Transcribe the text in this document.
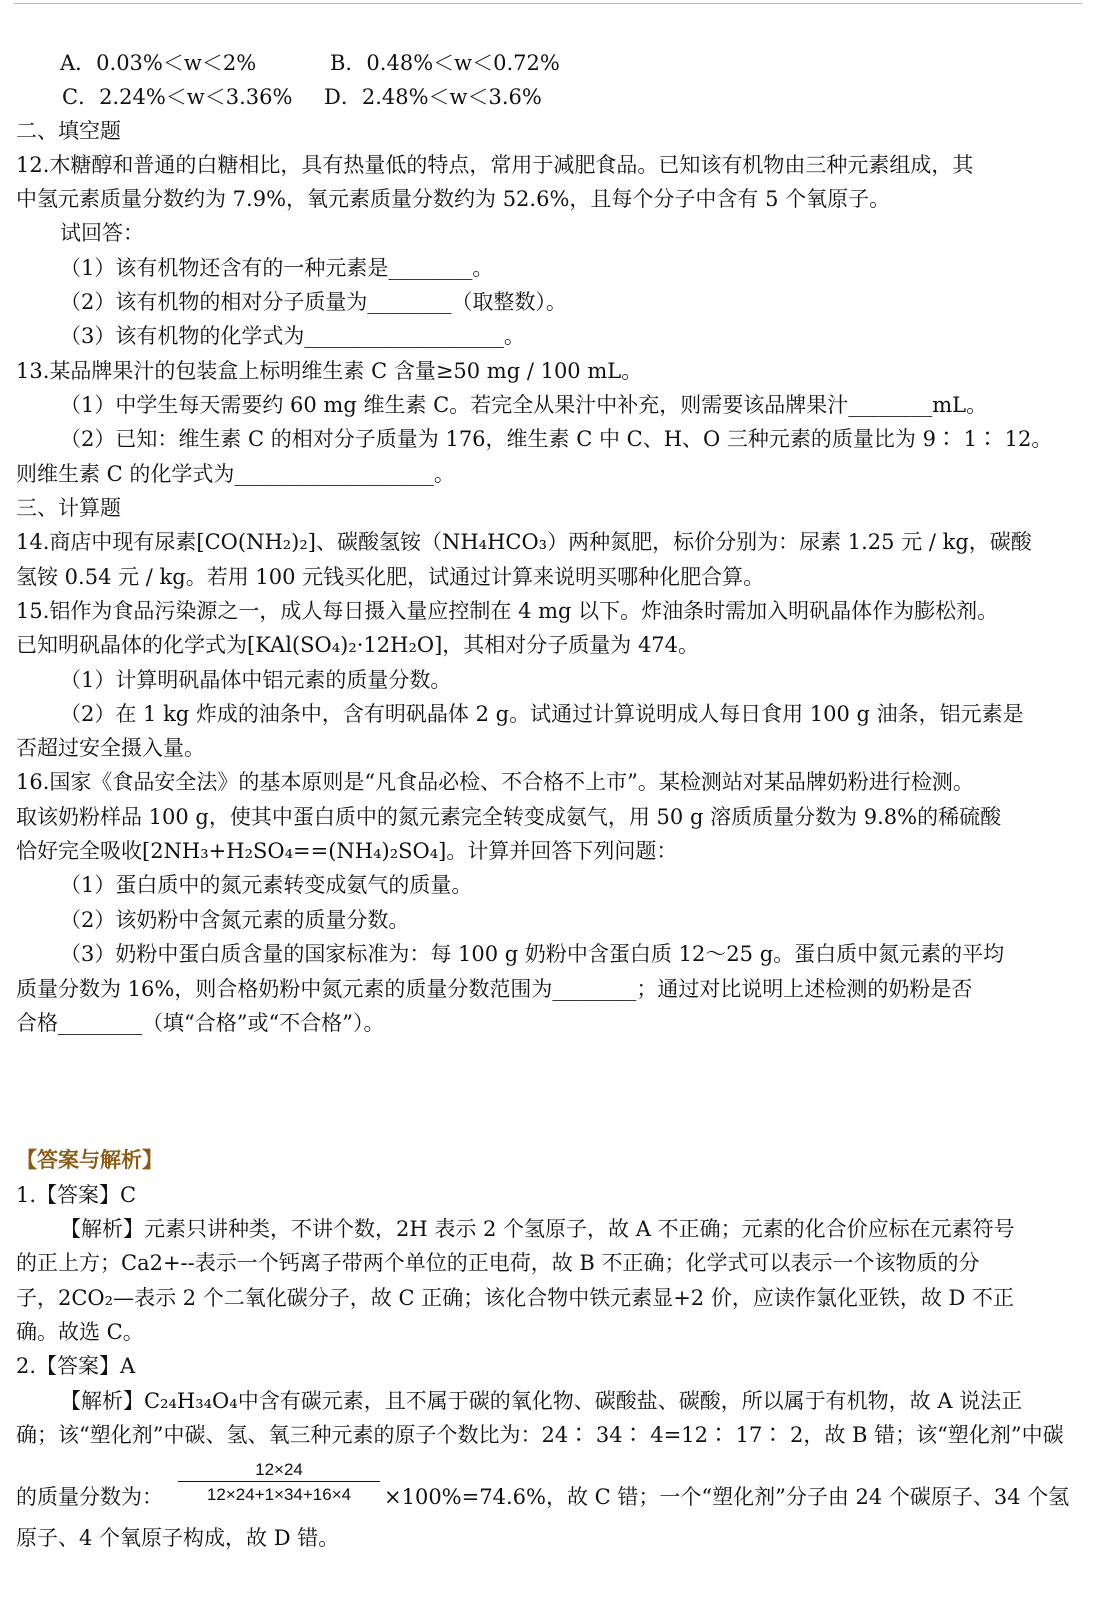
A．0.03%＜w＜2%	B．0.48%＜w＜0.72%
C．2.24%＜w＜3.36% D．2.48%＜w＜3.6%
二、填空题
12.木糖醇和普通的白糖相比，具有热量低的特点，常用于减肥食品。已知该有机物由三种元素组成，其
中氢元素质量分数约为 7.9%，氧元素质量分数约为 52.6%，且每个分子中含有 5 个氧原子。
试回答：
（1）该有机物还含有的一种元素是________。
（2）该有机物的相对分子质量为________（取整数）。
（3）该有机物的化学式为___________________。
13.某品牌果汁的包装盒上标明维生素 C 含量≥50 mg / 100 mL。
（1）中学生每天需要约 60 mg 维生素 C。若完全从果汁中补充，则需要该品牌果汁________mL。
（2）已知：维生素 C 的相对分子质量为 176，维生素 C 中 C、H、O 三种元素的质量比为 9∶ 1∶ 12。
则维生素 C 的化学式为___________________。
三、计算题
14.商店中现有尿素[CO(NH₂)₂]、碳酸氢铵（NH₄HCO₃）两种氮肥，标价分别为：尿素 1.25 元 / kg，碳酸
氢铵 0.54 元 / kg。若用 100 元钱买化肥，试通过计算来说明买哪种化肥合算。
15.铝作为食品污染源之一，成人每日摄入量应控制在 4 mg 以下。炸油条时需加入明矾晶体作为膨松剂。
已知明矾晶体的化学式为[KAl(SO₄)₂·12H₂O]，其相对分子质量为 474。
（1）计算明矾晶体中铝元素的质量分数。
（2）在 1 kg 炸成的油条中，含有明矾晶体 2 g。试通过计算说明成人每日食用 100 g 油条，铝元素是
否超过安全摄入量。
16.国家《食品安全法》的基本原则是“凡食品必检、不合格不上市”。某检测站对某品牌奶粉进行检测。
取该奶粉样品 100 g，使其中蛋白质中的氮元素完全转变成氨气，用 50 g 溶质质量分数为 9.8%的稀硫酸
恰好完全吸收[2NH₃+H₂SO₄==(NH₄)₂SO₄]。计算并回答下列问题：
（1）蛋白质中的氮元素转变成氨气的质量。
（2）该奶粉中含氮元素的质量分数。
（3）奶粉中蛋白质含量的国家标准为：每 100 g 奶粉中含蛋白质 12～25 g。蛋白质中氮元素的平均
质量分数为 16%，则合格奶粉中氮元素的质量分数范围为________；通过对比说明上述检测的奶粉是否
合格________（填“合格”或“不合格”）。
【答案与解析】
1.【答案】C
【解析】元素只讲种类，不讲个数，2H 表示 2 个氢原子，故 A 不正确；元素的化合价应标在元素符号
的正上方；Ca2+--表示一个钙离子带两个单位的正电荷，故 B 不正确；化学式可以表示一个该物质的分
子，2CO₂—表示 2 个二氧化碳分子，故 C 正确；该化合物中铁元素显+2 价，应读作氯化亚铁，故 D 不正
确。故选 C。
2.【答案】A
【解析】C₂₄H₃₄O₄中含有碳元素，且不属于碳的氧化物、碳酸盐、碳酸，所以属于有机物，故 A 说法正
确；该“塑化剂”中碳、氢、氧三种元素的原子个数比为：24∶ 34∶ 4=12∶ 17∶ 2，故 B 错；该“塑化剂”中碳
的质量分数为：
12×24
12×24+1×34+16×4	×100%=74.6%，故 C 错；一个“塑化剂”分子由 24 个碳原子、34 个氢
原子、4 个氧原子构成，故 D 错。
